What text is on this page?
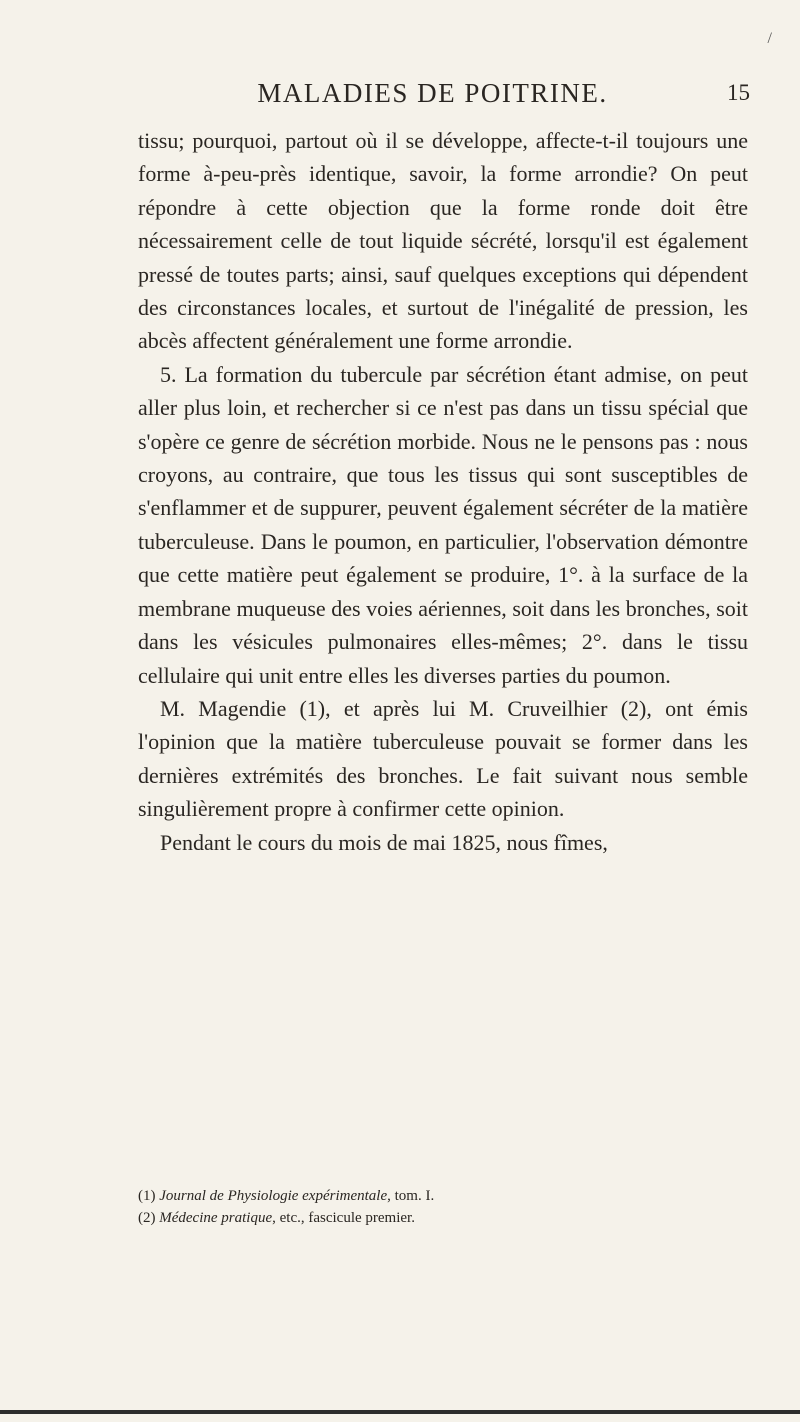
/
MALADIES DE POITRINE.	15

tissu; pourquoi, partout où il se développe, affecte-t-il toujours une forme à-peu-près identique, savoir, la forme arrondie? On peut répondre à cette objection que la forme ronde doit être nécessairement celle de tout liquide sécrété, lorsqu'il est également pressé de toutes parts; ainsi, sauf quelques exceptions qui dépendent des circonstances locales, et surtout de l'inégalité de pression, les abcès affectent généralement une forme arrondie.

5. La formation du tubercule par sécrétion étant admise, on peut aller plus loin, et rechercher si ce n'est pas dans un tissu spécial que s'opère ce genre de sécrétion morbide. Nous ne le pensons pas : nous croyons, au contraire, que tous les tissus qui sont susceptibles de s'enflammer et de suppurer, peuvent également sécréter de la matière tuberculeuse. Dans le poumon, en particulier, l'observation démontre que cette matière peut également se produire, 1°. à la surface de la membrane muqueuse des voies aériennes, soit dans les bronches, soit dans les vésicules pulmonaires elles-mêmes; 2°. dans le tissu cellulaire qui unit entre elles les diverses parties du poumon.

M. Magendie (1), et après lui M. Cruveilhier (2), ont émis l'opinion que la matière tuberculeuse pouvait se former dans les dernières extrémités des bronches. Le fait suivant nous semble singulièrement propre à confirmer cette opinion.

Pendant le cours du mois de mai 1825, nous fîmes,

(1) Journal de Physiologie expérimentale, tom. I.
(2) Médecine pratique, etc., fascicule premier.
